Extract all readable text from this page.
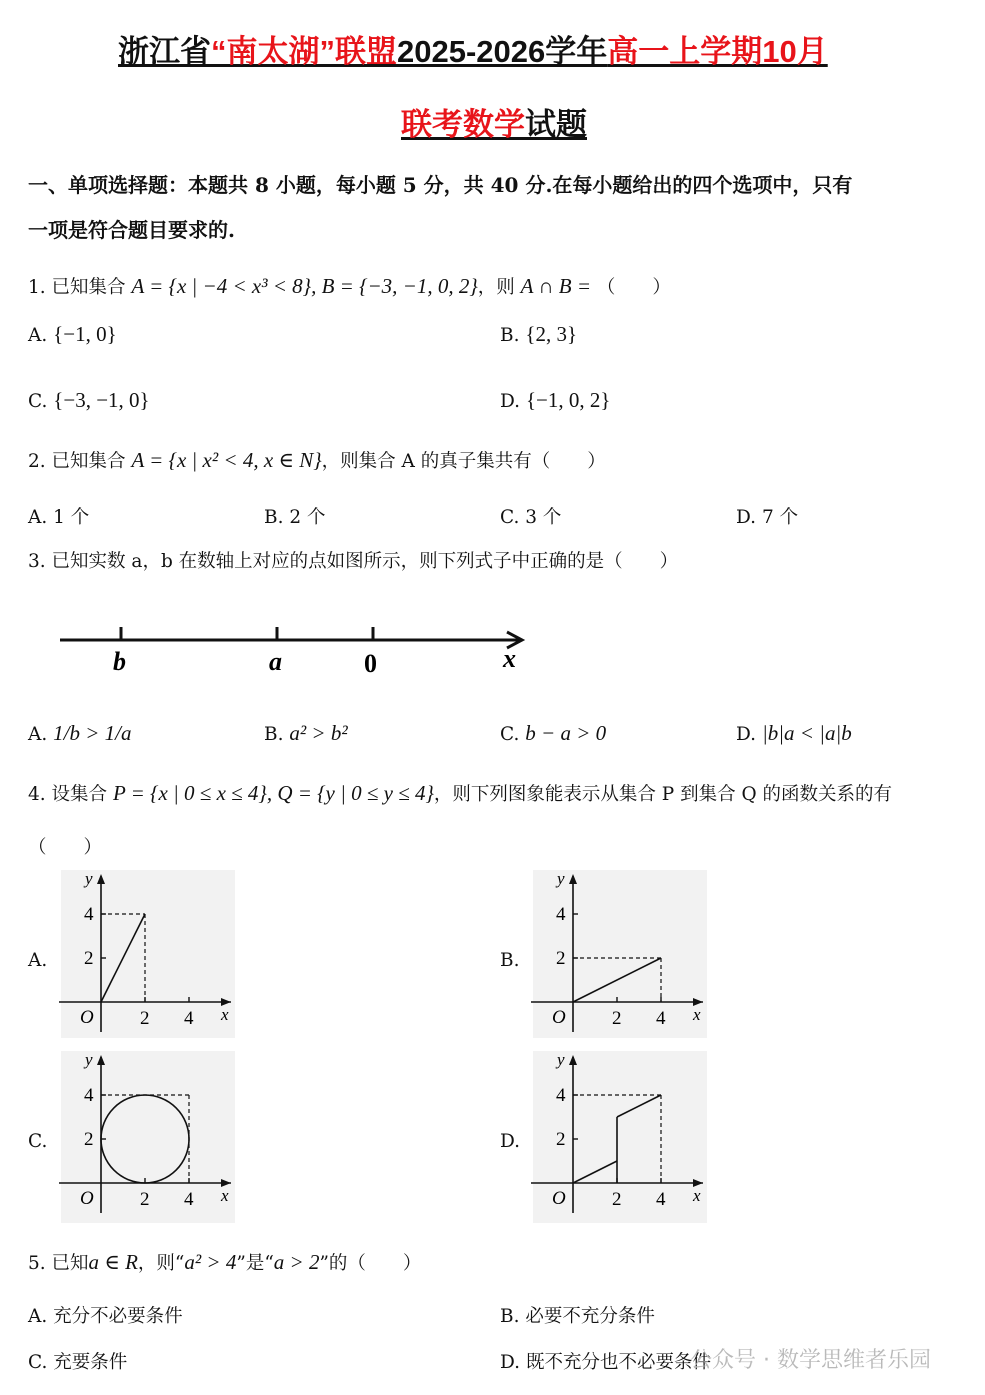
浙江省“南太湖”联盟2025-2026学年高一上学期10月
联考数学试题
一、单项选择题：本题共 8 小题，每小题 5 分，共 40 分.在每小题给出的四个选项中，只有
一项是符合题目要求的.
1. 已知集合 A = {x | −4 < x³ < 8}, B = {−3, −1, 0, 2}，则 A ∩ B = （　　）
A. {−1, 0}	B. {2, 3}
C. {−3, −1, 0}	D. {−1, 0, 2}
2. 已知集合 A = {x | x² < 4, x ∈ N}，则集合 A 的真子集共有（　　）
A. 1 个	B. 2 个	C. 3 个	D. 7 个
3. 已知实数 a，b 在数轴上对应的点如图所示，则下列式子中正确的是（　　）
b	a	0	x
A. 1/b > 1/a	B. a² > b²	C. b − a > 0	D. |b|a < |a|b
4. 设集合 P = {x | 0 ≤ x ≤ 4}, Q = {y | 0 ≤ y ≤ 4}，则下列图象能表示从集合 P 到集合 Q 的函数关系的有
（　　）
A.	B.
C.	D.
2
2
4
4
O	x
y
2
2
4
4
O	x
y
2
2
4
4
O	x
y
2
2
4
4
O	x
y
5. 已知a ∈ R，则“a² > 4”是“a > 2”的（　　）
A. 充分不必要条件	B. 必要不充分条件
C. 充要条件	D. 既不充分也不必要条件
公众号 · 数学思维者乐园
